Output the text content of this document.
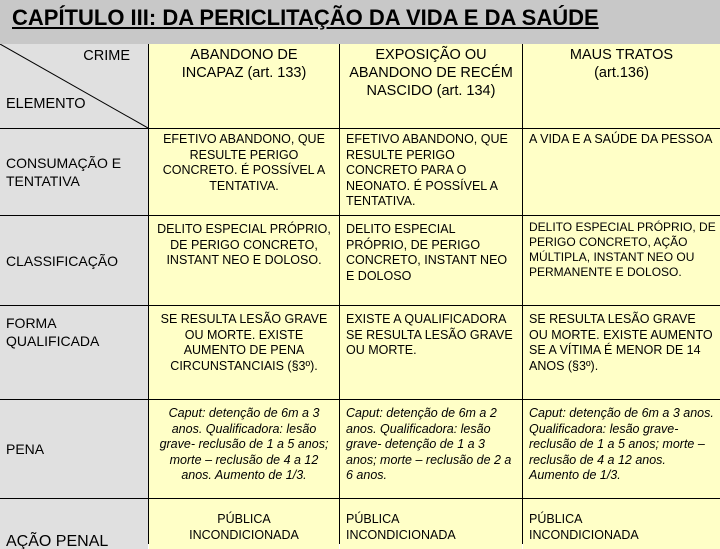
CAPÍTULO III: DA PERICLITAÇÃO DA VIDA E DA SAÚDE
CRIME
ELEMENTO
ABANDONO DE INCAPAZ (art. 133)
EXPOSIÇÃO OU ABANDONO DE RECÉM NASCIDO (art. 134)
MAUS TRATOS (art.136)
CONSUMAÇÃO E TENTATIVA
EFETIVO ABANDONO, QUE RESULTE PERIGO CONCRETO. É POSSÍVEL A TENTATIVA.
EFETIVO ABANDONO, QUE RESULTE PERIGO CONCRETO PARA O NEONATO. É POSSÍVEL A TENTATIVA.
A VIDA E A SAÚDE DA PESSOA
CLASSIFICAÇÃO
DELITO ESPECIAL PRÓPRIO, DE PERIGO CONCRETO, INSTANT NEO E DOLOSO.
DELITO ESPECIAL PRÓPRIO, DE PERIGO CONCRETO, INSTANT NEO E DOLOSO
DELITO ESPECIAL PRÓPRIO, DE PERIGO CONCRETO, AÇÃO MÚLTIPLA, INSTANT NEO OU PERMANENTE E DOLOSO.
FORMA QUALIFICADA
SE RESULTA LESÃO GRAVE OU MORTE. EXISTE AUMENTO DE PENA CIRCUNSTANCIAIS (§3º).
EXISTE A QUALIFICADORA SE RESULTA LESÃO GRAVE OU MORTE.
SE RESULTA LESÃO GRAVE OU MORTE. EXISTE AUMENTO SE A VÍTIMA É MENOR DE 14 ANOS (§3º).
PENA
Caput: detenção de 6m a 3 anos. Qualificadora: lesão grave- reclusão de 1 a 5 anos; morte – reclusão de 4 a 12 anos. Aumento de 1/3.
Caput: detenção de 6m a 2 anos. Qualificadora: lesão grave- detenção de 1 a 3 anos; morte – reclusão de 2 a 6 anos.
Caput: detenção de 6m a 3 anos. Qualificadora: lesão grave- reclusão de 1 a 5 anos; morte – reclusão de 4 a 12 anos. Aumento de 1/3.
AÇÃO PENAL
PÚBLICA INCONDICIONADA
PÚBLICA INCONDICIONADA
PÚBLICA INCONDICIONADA
